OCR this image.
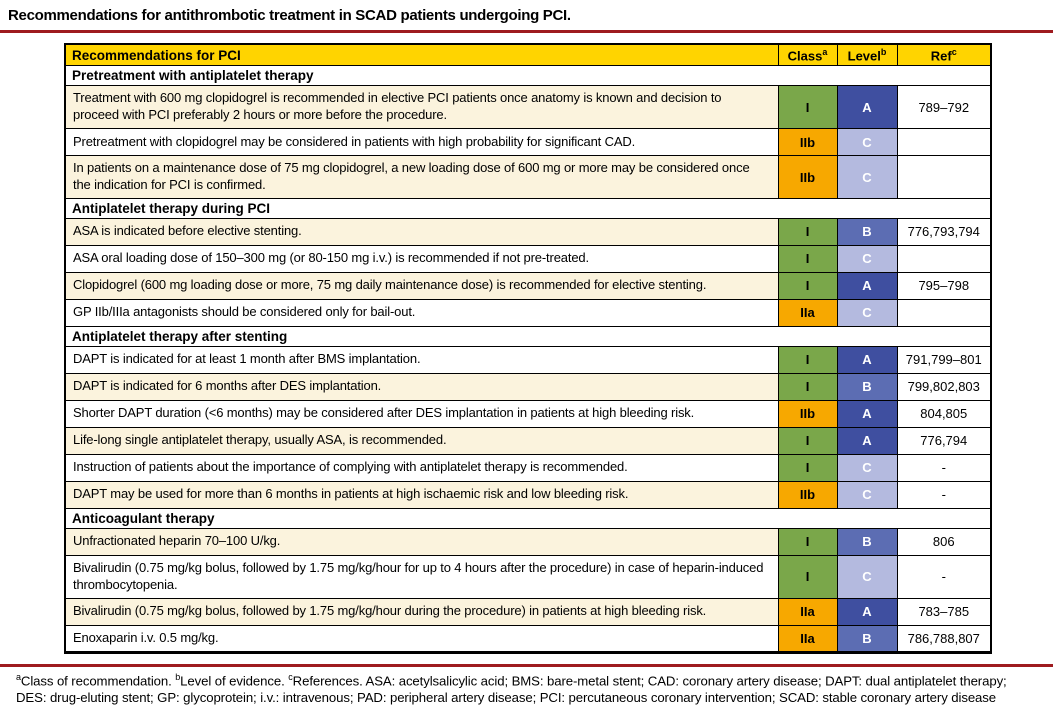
Recommendations for antithrombotic treatment in SCAD patients undergoing PCI.
Recommendations for PCI	Class$^a$	Level$^b$	Ref$^c$
Pretreatment with antiplatelet therapy			
Treatment with 600 mg clopidogrel is recommended in elective PCI patients once anatomy is known and decision to proceed with PCI preferably 2 hours or more before the procedure.	I	A	789–792
Pretreatment with clopidogrel may be considered in patients with high probability for significant CAD.	IIb	C	
In patients on a maintenance dose of 75 mg clopidogrel, a new loading dose of 600 mg or more may be considered once the indication for PCI is confirmed.	IIb	C	
Antiplatelet therapy during PCI			
ASA is indicated before elective stenting.	I	B	776,793,794
ASA oral loading dose of 150–300 mg (or 80-150 mg i.v.) is recommended if not pre-treated.	I	C	
Clopidogrel (600 mg loading dose or more, 75 mg daily maintenance dose) is recommended for elective stenting.	I	A	795–798
GP IIb/IIIa antagonists should be considered only for bail-out.	IIa	C	
Antiplatelet therapy after stenting			
DAPT is indicated for at least 1 month after BMS implantation.	I	A	791,799–801
DAPT is indicated for 6 months after DES implantation.	I	B	799,802,803
Shorter DAPT duration (<6 months) may be considered after DES implantation in patients at high bleeding risk.	IIb	A	804,805
Life-long single antiplatelet therapy, usually ASA, is recommended.	I	A	776,794
Instruction of patients about the importance of complying with antiplatelet therapy is recommended.	I	C	-
DAPT may be used for more than 6 months in patients at high ischaemic risk and low bleeding risk.	IIb	C	-
Anticoagulant therapy			
Unfractionated heparin 70–100 U/kg.	I	B	806
Bivalirudin (0.75 mg/kg bolus, followed by 1.75 mg/kg/hour for up to 4 hours after the procedure) in case of heparin-induced thrombocytopenia.	I	C	-
Bivalirudin (0.75 mg/kg bolus, followed by 1.75 mg/kg/hour during the procedure) in patients at high bleeding risk.	IIa	A	783–785
Enoxaparin i.v. 0.5 mg/kg.	IIa	B	786,788,807
$^a$Class of recommendation. $^b$Level of evidence. $^c$References. ASA: acetylsalicylic acid; BMS: bare-metal stent; CAD: coronary artery disease; DAPT: dual antiplatelet therapy; DES: drug-eluting stent; GP: glycoprotein; i.v.: intravenous; PAD: peripheral artery disease; PCI: percutaneous coronary intervention; SCAD: stable coronary artery disease
